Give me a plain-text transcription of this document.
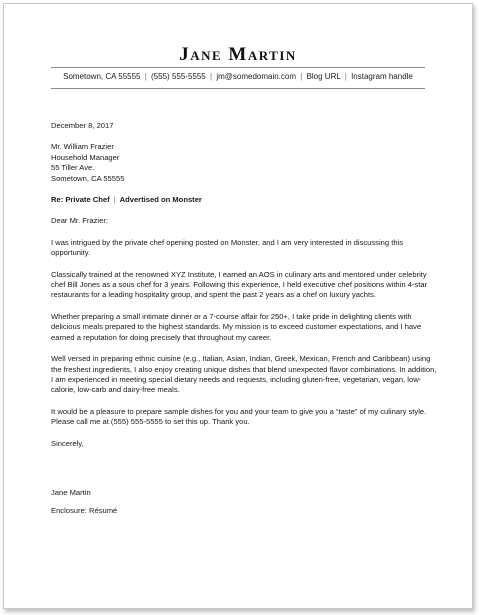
Jane Martin
Sometown, CA 55555 | (555) 555-5555 | jm@somedomain.com | Blog URL | Instagram handle

December 8, 2017

Mr. William Frazier
Household Manager
55 Tiller Ave.
Sometown, CA 55555

Re: Private Chef | Advertised on Monster

Dear Mr. Frazier:

I was intrigued by the private chef opening posted on Monster, and I am very interested in discussing this opportunity.

Classically trained at the renowned XYZ Institute, I earned an AOS in culinary arts and mentored under celebrity chef Bill Jones as a sous chef for 3 years. Following this experience, I held executive chef positions within 4-star restaurants for a leading hospitality group, and spent the past 2 years as a chef on luxury yachts.

Whether preparing a small intimate dinner or a 7-course affair for 250+, I take pride in delighting clients with delicious meals prepared to the highest standards. My mission is to exceed customer expectations, and I have earned a reputation for doing precisely that throughout my career.

Well versed in preparing ethnic cuisine (e.g., Italian, Asian, Indian, Greek, Mexican, French and Caribbean) using the freshest ingredients, I also enjoy creating unique dishes that blend unexpected flavor combinations. In addition, I am experienced in meeting special dietary needs and requests, including gluten-free, vegetarian, vegan, low-calorie, low-carb and dairy-free meals.

It would be a pleasure to prepare sample dishes for you and your team to give you a “taste” of my culinary style. Please call me at (555) 555-5555 to set this up. Thank you.

Sincerely,

Jane Martin

Enclosure: Résumé
